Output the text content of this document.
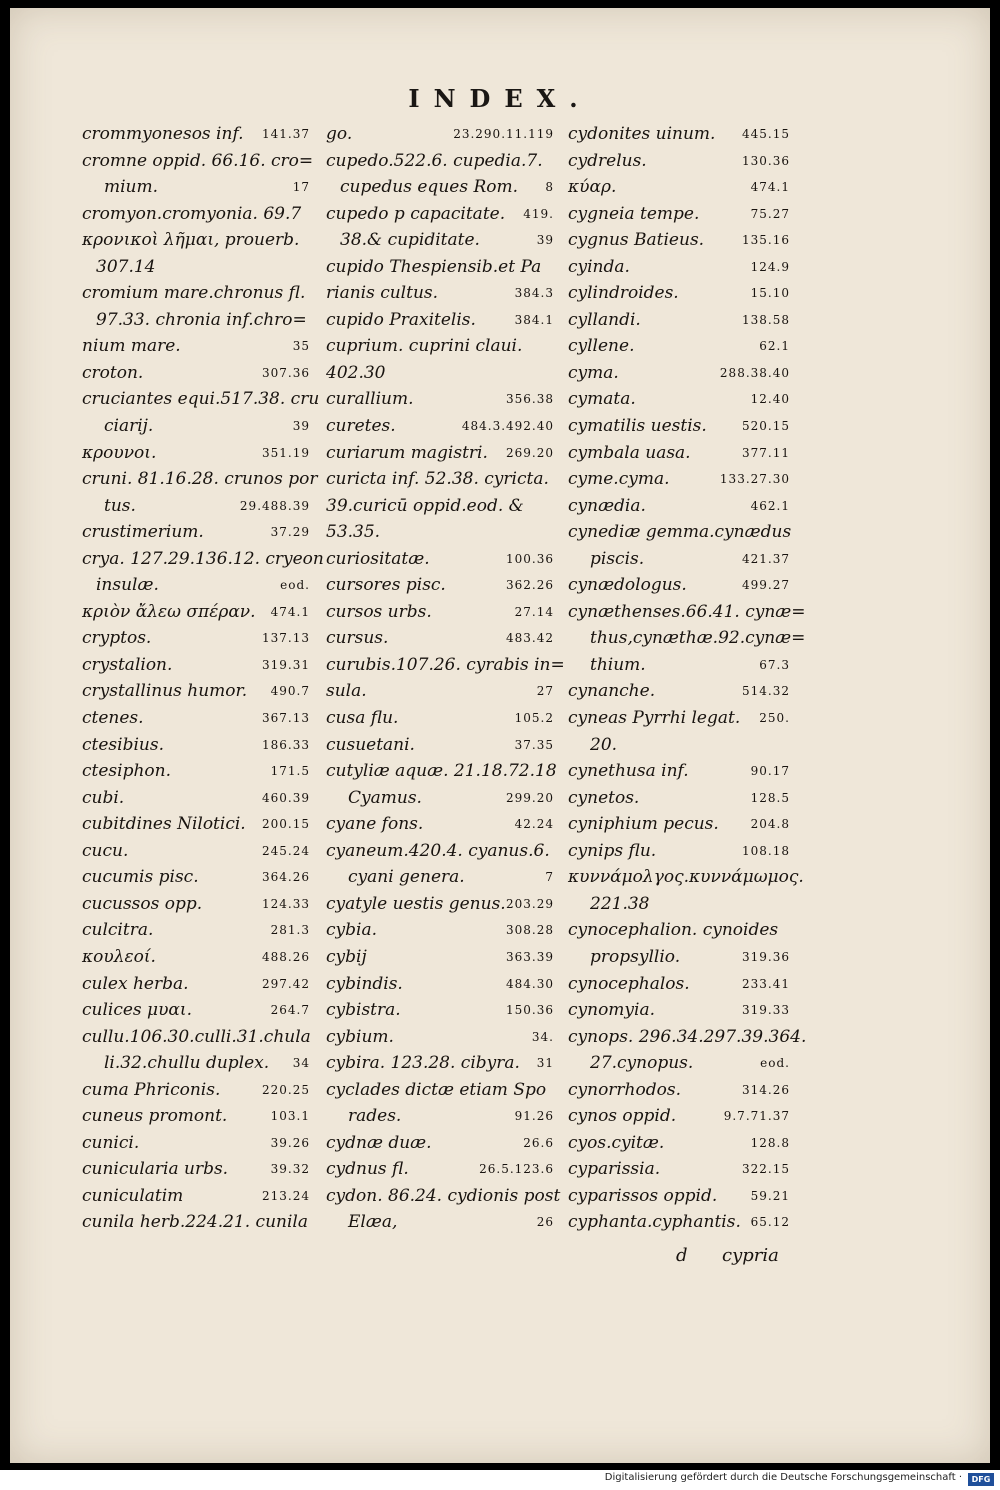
INDEX.
crommyonesos inf. 141.37
cromne oppid. 66.16. cro=
mium.	17
cromyon.cromyonia. 69.7
κρονικοὶ λῆμαι, prouerb.
307.14
cromium mare.chronus fl.
97.33. chronia inf.chro=
nium mare.	35
croton.	307.36
cruciantes equi.517.38. cru
ciarij.	39
κρουνοι.	351.19
cruni. 81.16.28. crunos por
tus.	29.488.39
crustimerium.	37.29
crya. 127.29.136.12. cryeon
insulæ.	eod.
κριὸν ἄλεω σπέραν. 474.1
cryptos.	137.13
crystalion.	319.31
crystallinus humor. 490.7
ctenes.	367.13
ctesibius.	186.33
ctesiphon.	171.5
cubi.	460.39
cubitdines Nilotici. 200.15
cucu.	245.24
cucumis pisc.	364.26
cucussos opp.	124.33
culcitra.	281.3
κουλεοί.	488.26
culex herba.	297.42
culices μυαι.	264.7
cullu.106.30.culli.31.chula
li.32.chullu duplex. 34
cuma Phriconis.	220.25
cuneus promont.	103.1
cunici.	39.26
cunicularia urbs.	39.32
cuniculatim	213.24
cunila herb.224.21. cunila
go.	23.290.11.119
cupedo.522.6. cupedia.7.
cupedus eques Rom. 8
cupedo p capacitate. 419.
38.& cupiditate.	39
cupido Thespiensib.et Pa
rianis cultus.	384.3
cupido Praxitelis.	384.1
cuprium. cuprini claui.
402.30
curallium.	356.38
curetes.	484.3.492.40
curiarum magistri. 269.20
curicta inf. 52.38. cyricta.
39.curicū oppid.eod. &
53.35.
curiositatæ.	100.36
cursores pisc.	362.26
cursos urbs.	27.14
cursus.	483.42
curubis.107.26. cyrabis in=
sula.	27
cusa flu.	105.2
cusuetani.	37.35
cutyliæ aquæ. 21.18.72.18
Cyamus.	299.20
cyane fons.	42.24
cyaneum.420.4. cyanus.6.
cyani genera.	7
cyatyle uestis genus. 203.29
cybia.	308.28
cybij	363.39
cybindis.	484.30
cybistra.	150.36
cybium.	34.
cybira. 123.28. cibyra. 31
cyclades dictæ etiam Spo
rades.	91.26
cydnæ duæ.	26.6
cydnus fl.	26.5.123.6
cydon. 86.24. cydionis post
Elæa,	26
cydonites uinum. 445.15
cydrelus.	130.36
κύαρ.	474.1
cygneia tempe.	75.27
cygnus Batieus.	135.16
cyinda.	124.9
cylindroides.	15.10
cyllandi.	138.58
cyllene.	62.1
cyma.	288.38.40
cymata.	12.40
cymatilis uestis.	520.15
cymbala uasa.	377.11
cyme.cyma.	133.27.30
cynædia.	462.1
cynediæ gemma.cynædus
piscis.	421.37
cynædologus.	499.27
cynæthenses.66.41. cynæ=
thus,cynæthæ.92.cynæ=
thium.	67.3
cynanche.	514.32
cyneas Pyrrhi legat. 250.
20.
cynethusa inf.	90.17
cynetos.	128.5
cyniphium pecus.	204.8
cynips flu.	108.18
κυννάμολγος.κυννάμωμος.
221.38
cynocephalion. cynoides
propsyllio.	319.36
cynocephalos.	233.41
cynomyia.	319.33
cynops. 296.34.297.39.364.
27.cynopus.	eod.
cynorrhodos.	314.26
cynos oppid.	9.7.71.37
cyos.cyitæ.	128.8
cyparissia.	322.15
cyparissos oppid.	59.21
cyphanta.cyphantis. 65.12
d cypria
Digitalisierung gefördert durch die Deutsche Forschungsgemeinschaft ·	DFG
